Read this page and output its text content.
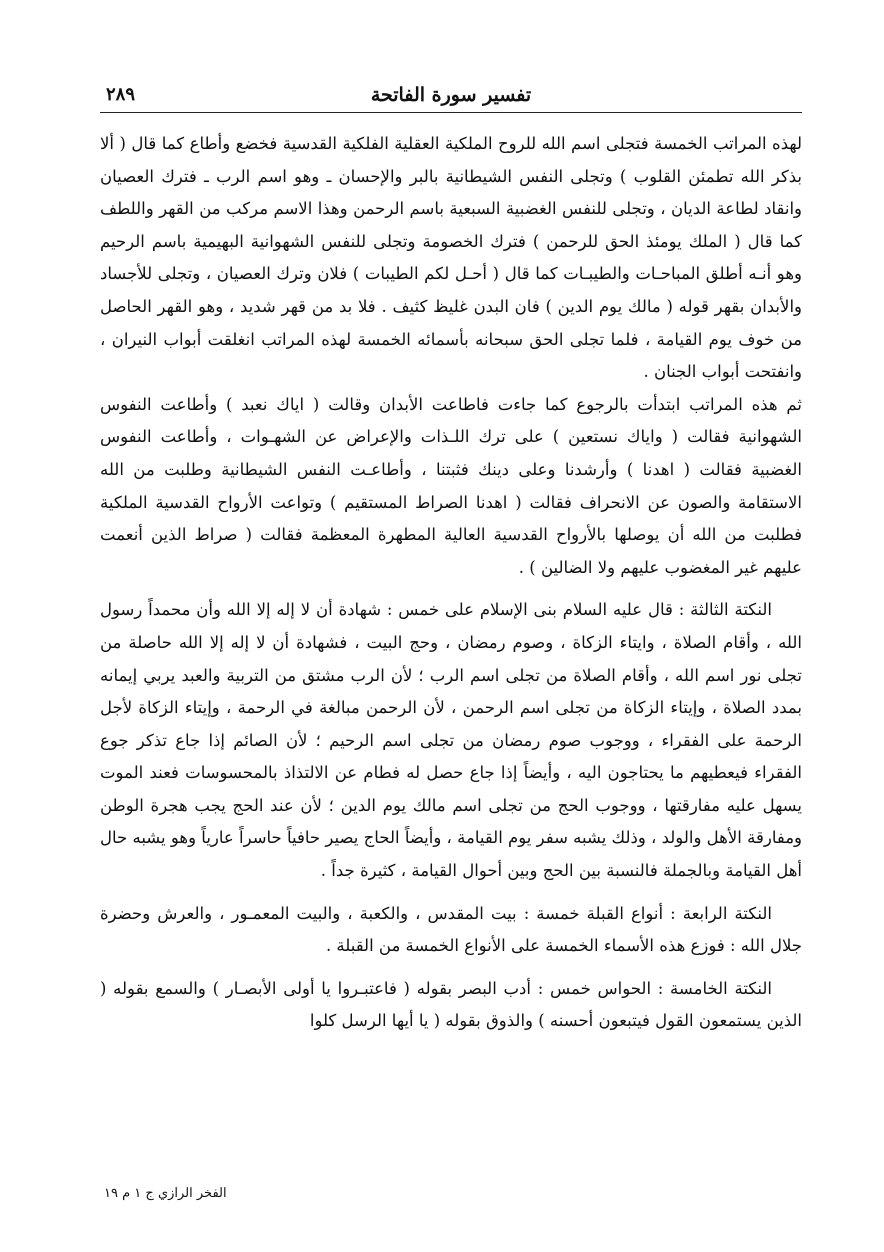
تفسير سورة الفاتحة
٢٨٩

لهذه المراتب الخمسة فتجلى اسم الله للروح الملكية العقلية الفلكية القدسية فخضع وأطاع كما قال ( ألا بذكر الله تطمئن القلوب ) وتجلى النفس الشيطانية بالبر والإحسان ـ وهو اسم الرب ـ فترك العصيان وانقاد لطاعة الديان ، وتجلى للنفس الغضبية السبعية باسم الرحمن وهذا الاسم مركب من القهر واللطف كما قال ( الملك يومئذ الحق للرحمن ) فترك الخصومة وتجلى للنفس الشهوانية البهيمية باسم الرحيم وهو أنـه أطلق المباحـات والطيبـات كما قال ( أحـل لكم الطيبات ) فلان وترك العصيان ، وتجلى للأجساد والأبدان بقهر قوله ( مالك يوم الدين ) فان البدن غليظ كثيف . فلا بد من قهر شديد ، وهو القهر الحاصل من خوف يوم القيامة ، فلما تجلى الحق سبحانه بأسمائه الخمسة لهذه المراتب انغلقت أبواب النيران ، وانفتحت أبواب الجنان .

ثم هذه المراتب ابتدأت بالرجوع كما جاءت فاطاعت الأبدان وقالت ( اياك نعبد ) وأطاعت النفوس الشهوانية فقالت ( واياك نستعين ) على ترك اللـذات والإعراض عن الشهـوات ، وأطاعت النفوس الغضبية فقالت ( اهدنا ) وأرشدنا وعلى دينك فثبتنا ، وأطاعـت النفس الشيطانية وطلبت من الله الاستقامة والصون عن الانحراف فقالت ( اهدنا الصراط المستقيم ) وتواعت الأرواح القدسية الملكية فطلبت من الله أن يوصلها بالأرواح القدسية العالية المطهرة المعظمة فقالت ( صراط الذين أنعمت عليهم غير المغضوب عليهم ولا الضالين ) .

النكتة الثالثة : قال عليه السلام بنى الإسلام على خمس : شهادة أن لا إله إلا الله وأن محمداً رسول الله ، وأقام الصلاة ، وايتاء الزكاة ، وصوم رمضان ، وحج البيت ، فشهادة أن لا إله إلا الله حاصلة من تجلى نور اسم الله ، وأقام الصلاة من تجلى اسم الرب ؛ لأن الرب مشتق من التربية والعبد يربي إيمانه بمدد الصلاة ، وإيتاء الزكاة من تجلى اسم الرحمن ، لأن الرحمن مبالغة في الرحمة ، وإيتاء الزكاة لأجل الرحمة على الفقراء ، ووجوب صوم رمضان من تجلى اسم الرحيم ؛ لأن الصائم إذا جاع تذكر جوع الفقراء فيعطيهم ما يحتاجون اليه ، وأيضاً إذا جاع حصل له فطام عن الالتذاذ بالمحسوسات فعند الموت يسهل عليه مفارقتها ، ووجوب الحج من تجلى اسم مالك يوم الدين ؛ لأن عند الحج يجب هجرة الوطن ومفارقة الأهل والولد ، وذلك يشبه سفر يوم القيامة ، وأيضاً الحاج يصير حافياً حاسراً عارياً وهو يشبه حال أهل القيامة وبالجملة فالنسبة بين الحج وبين أحوال القيامة ، كثيرة جداً .

النكتة الرابعة : أنواع القبلة خمسة : بيت المقدس ، والكعبة ، والبيت المعمـور ، والعرش وحضرة جلال الله : فوزع هذه الأسماء الخمسة على الأنواع الخمسة من القبلة .

النكتة الخامسة : الحواس خمس : أدب البصر بقوله ( فاعتبـروا يا أولى الأبصـار ) والسمع بقوله ( الذين يستمعون القول فيتبعون أحسنه ) والذوق بقوله ( يا أيها الرسل كلوا

الفخر الرازي ج ١ م ١٩
